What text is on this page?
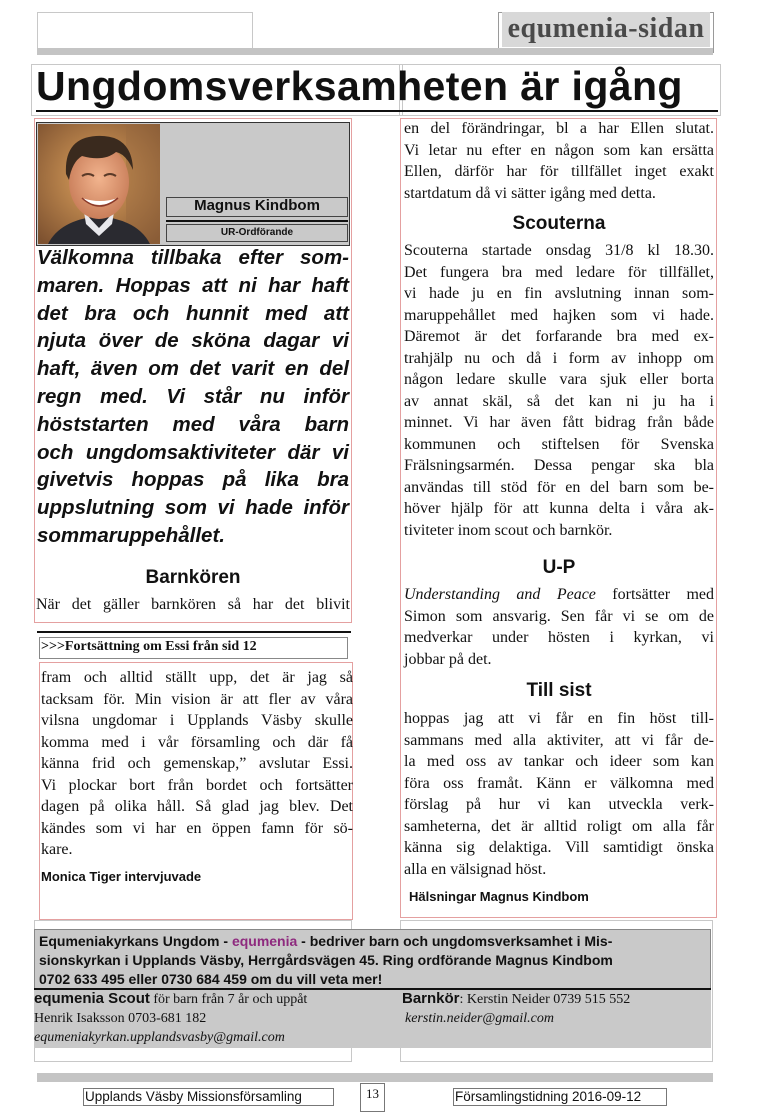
equmenia-sidan
Ungdomsverksamheten är igång
Magnus Kindbom
UR-Ordförande

Välkomna tillbaka efter som-

maren. Hoppas att ni har haft

det bra och hunnit med att

njuta över de sköna dagar vi

haft, även om det varit en del

regn med. Vi står nu inför

höststarten med våra barn

och ungdomsaktiviteter där vi

givetvis hoppas på lika bra

uppslutning som vi hade inför

sommaruppehållet.

Barnkören

När det gäller barnkören så har det blivit

>>>Fortsättning om Essi från sid 12

fram och alltid ställt upp, det är jag så

tacksam för. Min vision är att fler av våra

vilsna ungdomar i Upplands Väsby skulle

komma med i vår församling och där få

känna frid och gemenskap,” avslutar Essi.

Vi plockar bort från bordet och fortsätter

dagen på olika håll. Så glad jag blev. Det

kändes som vi har en öppen famn för sö-

kare.

Monica Tiger intervjuvade

en del förändringar, bl a har Ellen slutat.

Vi letar nu efter en någon som kan ersätta

Ellen, därför har för tillfället inget exakt

startdatum då vi sätter igång med detta.

Scouterna

Scouterna startade onsdag 31/8 kl 18.30.

Det fungera bra med ledare för tillfället,

vi hade ju en fin avslutning innan som-

maruppehållet med hajken som vi hade.

Däremot är det forfarande bra med ex-

trahjälp nu och då i form av inhopp om

någon ledare skulle vara sjuk eller borta

av annat skäl, så det kan ni ju ha i

minnet. Vi har även fått bidrag från både

kommunen och stiftelsen för Svenska

Frälsningsarmén. Dessa pengar ska bla

användas till stöd för en del barn som be-

höver hjälp för att kunna delta i våra ak-

tiviteter inom scout och barnkör.

U-P

Understanding and Peace fortsätter med

Simon som ansvarig. Sen får vi se om de

medverkar under hösten i kyrkan, vi

jobbar på det.

Till sist

hoppas jag att vi får en fin höst till-

sammans med alla aktiviter, att vi får de-

la med oss av tankar och ideer som kan

föra oss framåt. Känn er välkomna med

förslag på hur vi kan utveckla verk-

samheterna, det är alltid roligt om alla får

känna sig delaktiga. Vill samtidigt önska

alla en välsignad höst.

Hälsningar Magnus Kindbom
Equmeniakyrkans Ungdom - equmenia - bedriver barn och ungdomsverksamhet i Mis-
sionskyrkan i Upplands Väsby, Herrgårdsvägen 45. Ring ordförande Magnus Kindbom
0702 633 495 eller 0730 684 459 om du vill veta mer!
equmenia Scout för barn från 7 år och uppåt
Henrik Isaksson 0703-681 182
equmeniakyrkan.upplandsvasby@gmail.com
Barnkör: Kerstin Neider 0739 515 552
kerstin.neider@gmail.com
Upplands Väsby Missionsförsamling	13	Församlingstidning 2016-09-12
